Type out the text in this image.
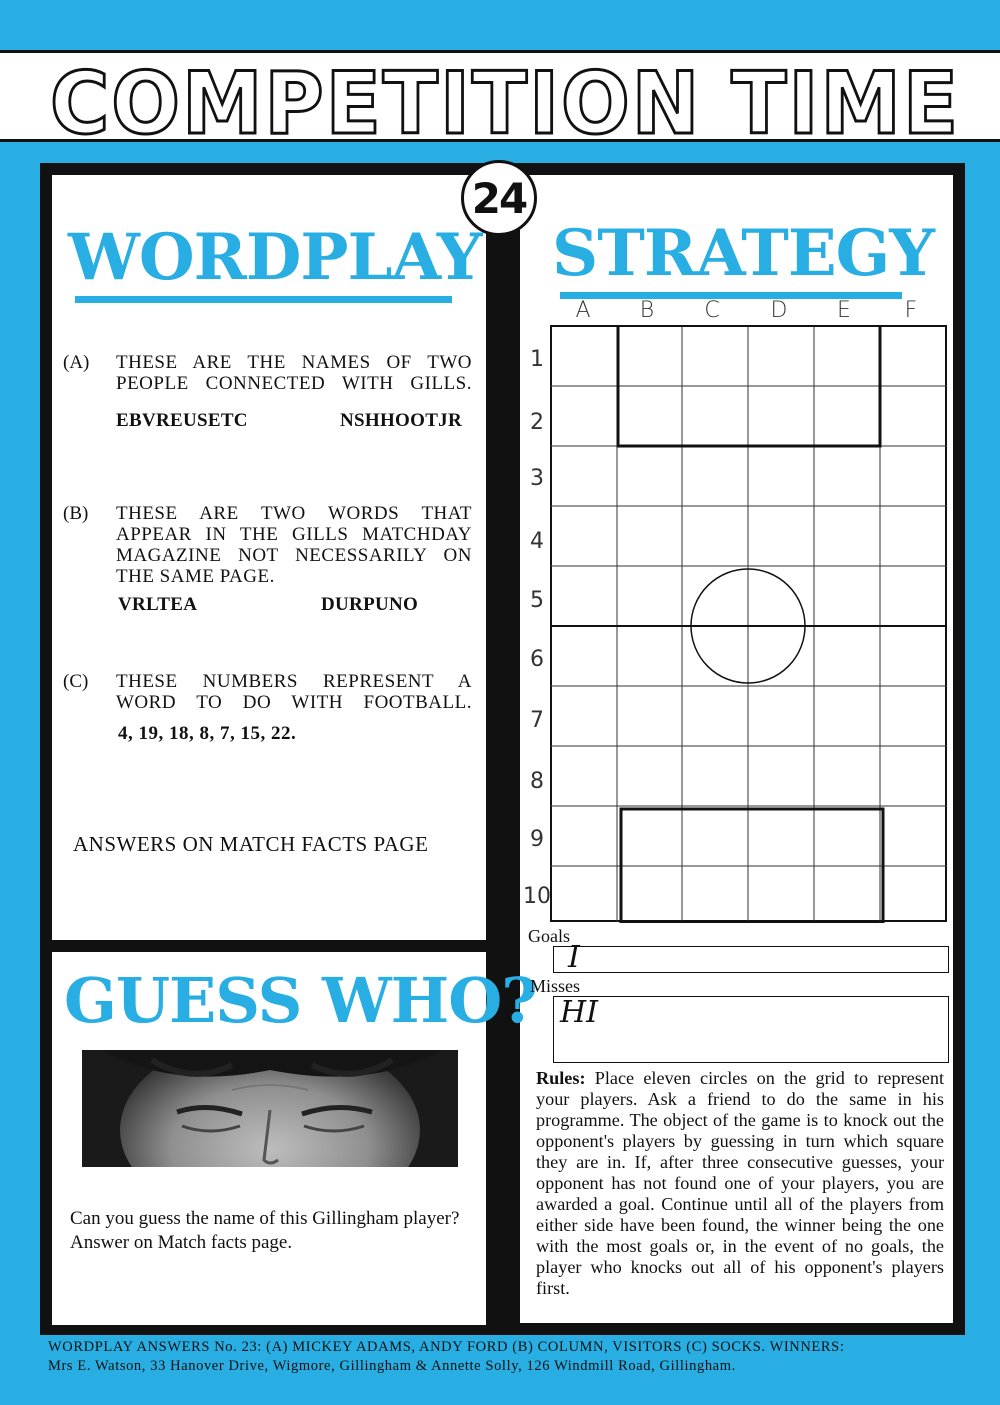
COMPETITION TIME
24
WORDPLAY
(A) THESE ARE THE NAMES OF TWO PEOPLE CONNECTED WITH GILLS.
EBVREUSETC	NSHHOOTJR
(B) THESE ARE TWO WORDS THAT APPEAR IN THE GILLS MATCHDAY MAGAZINE NOT NECESSARILY ON THE SAME PAGE.
VRLTEA	DURPUNO
(C) THESE NUMBERS REPRESENT A WORD TO DO WITH FOOTBALL.
4, 19, 18, 8, 7, 15, 22.
ANSWERS ON MATCH FACTS PAGE
GUESS WHO?
Can you guess the name of this Gillingham player?
Answer on Match facts page.
STRATEGY
A	B	C	D	E	F
1
2
3
4
5
6
7
8
9
10
Goals
I
Misses
HI
Rules: Place eleven circles on the grid to represent your players. Ask a friend to do the same in his programme. The object of the game is to knock out the opponent's players by guessing in turn which square they are in. If, after three consecutive guesses, your opponent has not found one of your players, you are awarded a goal. Continue until all of the players from either side have been found, the winner being the one with the most goals or, in the event of no goals, the player who knocks out all of his opponent's players first.
WORDPLAY ANSWERS No. 23: (A) MICKEY ADAMS, ANDY FORD (B) COLUMN, VISITORS (C) SOCKS. WINNERS:
Mrs E. Watson, 33 Hanover Drive, Wigmore, Gillingham & Annette Solly, 126 Windmill Road, Gillingham.
